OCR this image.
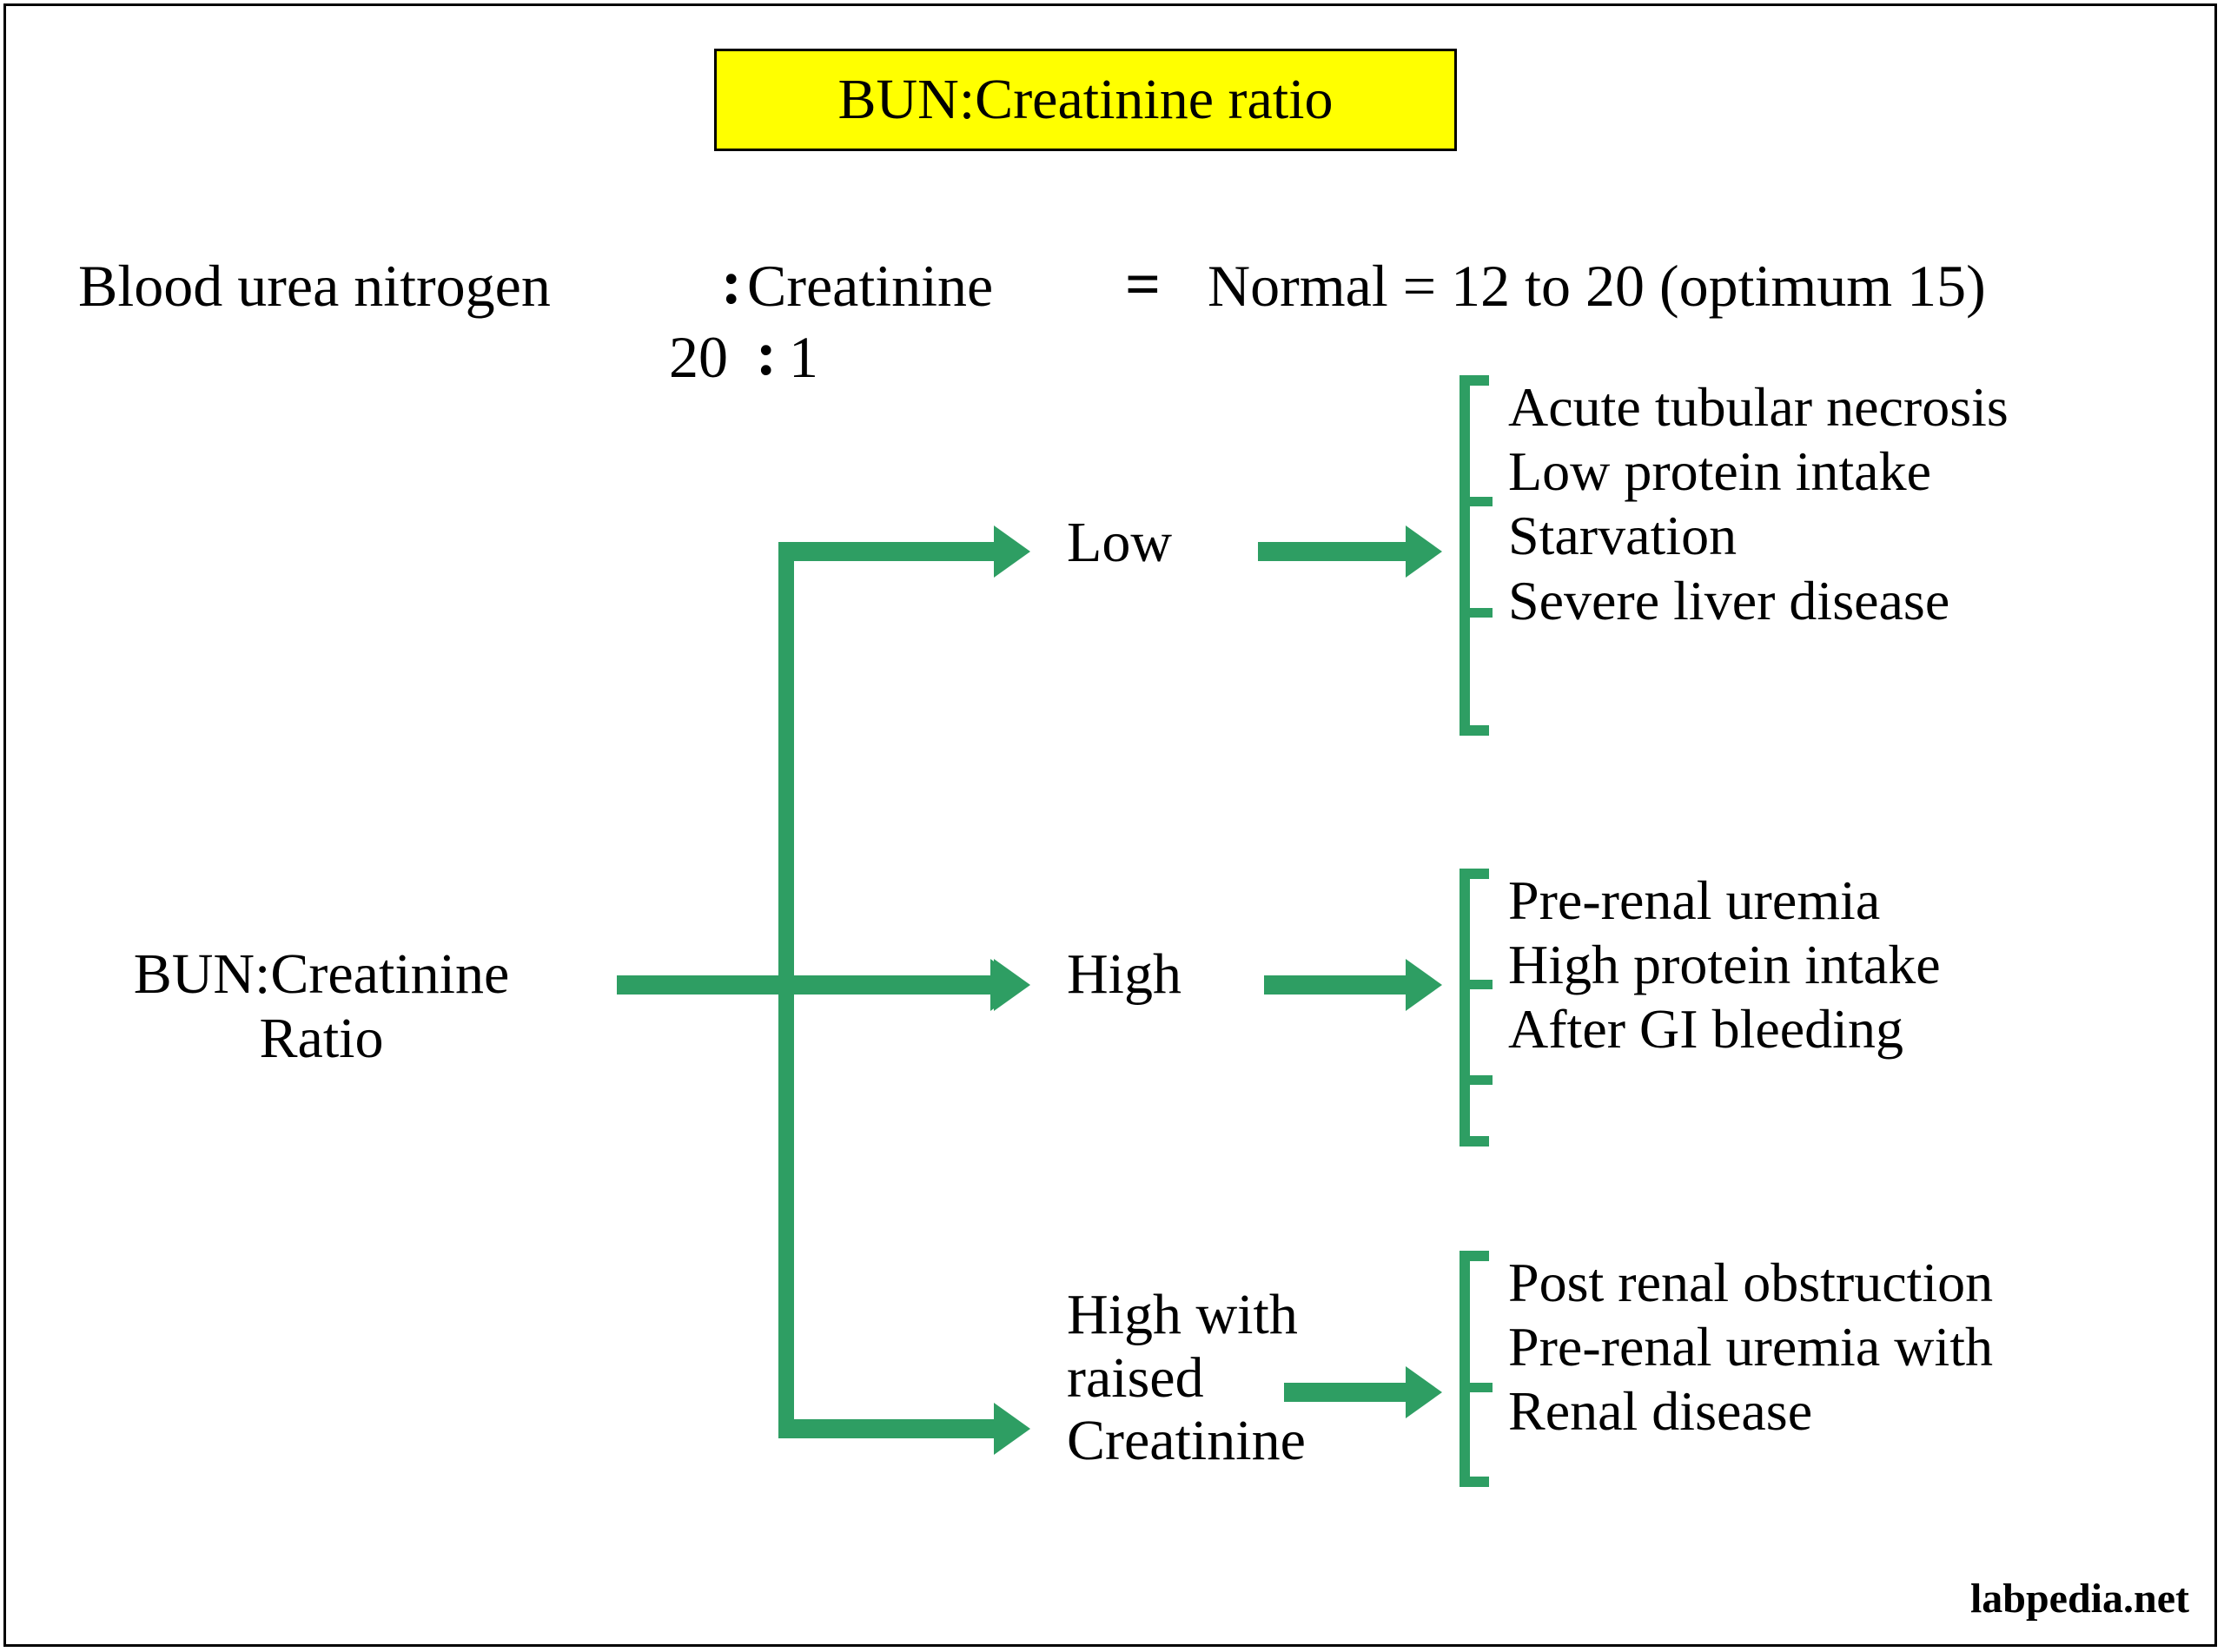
BUN:Creatinine ratio
Blood urea nitrogen	: Creatinine = Normal = 12 to 20 (optimum 15)
20 : 1
BUN:Creatinine
Ratio
Low
High
High with raised Creatinine
Acute tubular necrosis
Low protein intake
Starvation
Severe liver disease
Pre-renal uremia
High protein intake
After GI bleeding
Post renal obstruction
Pre-renal uremia with
Renal disease
labpedia.net
